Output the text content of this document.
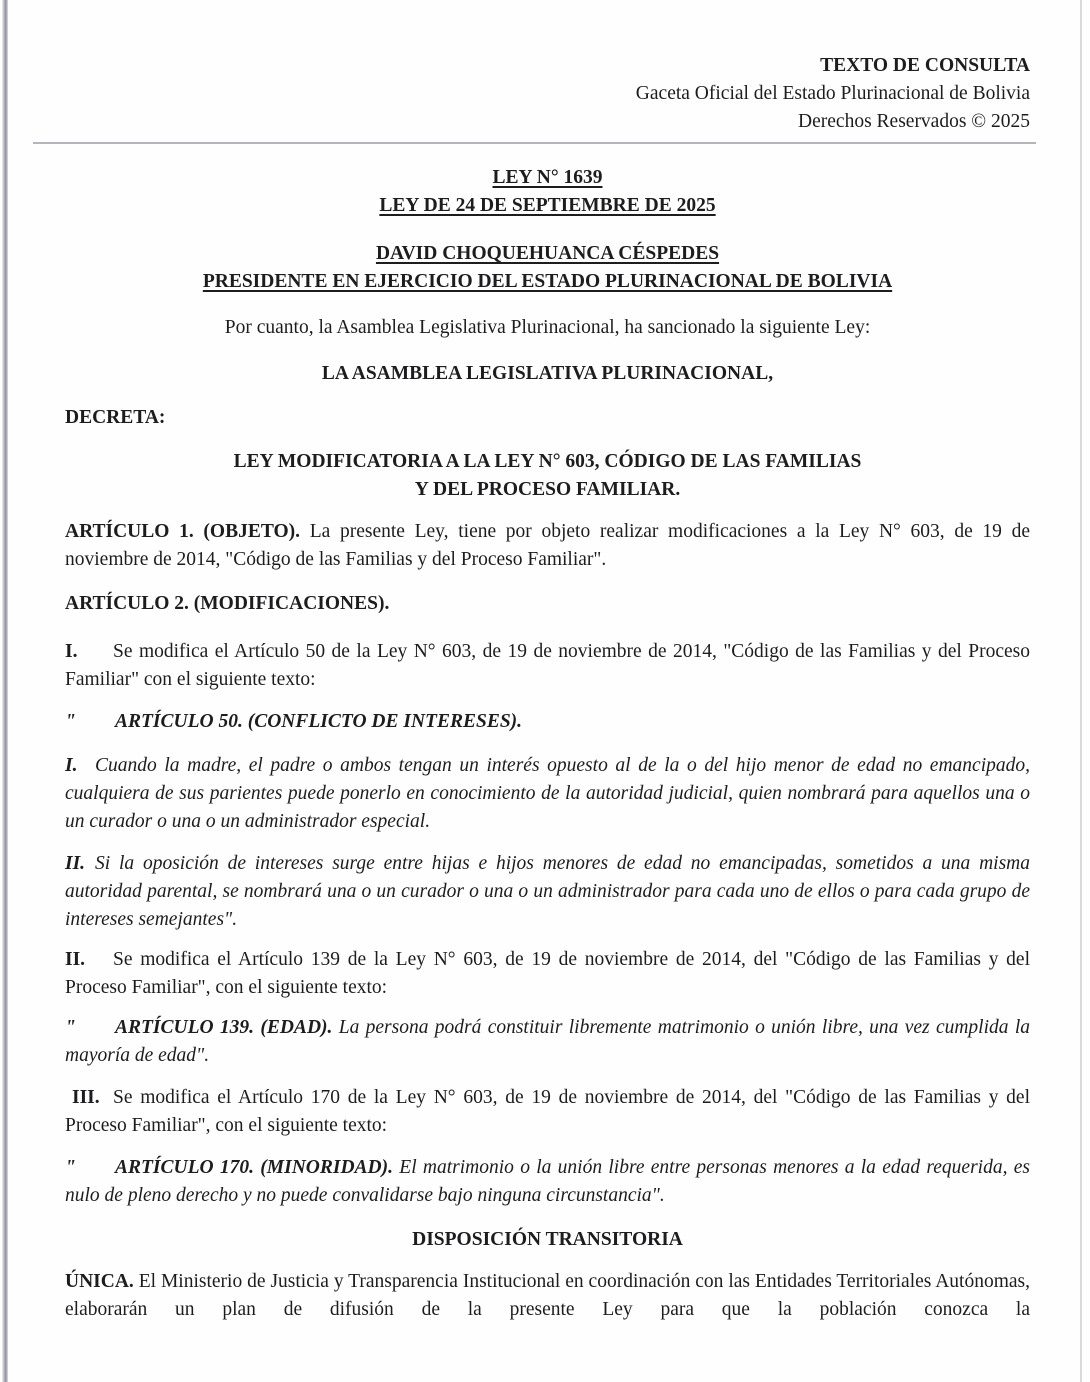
TEXTO DE CONSULTA
Gaceta Oficial del Estado Plurinacional de Bolivia
Derechos Reservados © 2025
LEY N° 1639
LEY DE 24 DE SEPTIEMBRE DE 2025
DAVID CHOQUEHUANCA CÉSPEDES
PRESIDENTE EN EJERCICIO DEL ESTADO PLURINACIONAL DE BOLIVIA

Por cuanto, la Asamblea Legislativa Plurinacional, ha sancionado la siguiente Ley:

LA ASAMBLEA LEGISLATIVA PLURINACIONAL,

DECRETA:

LEY MODIFICATORIA A LA LEY N° 603, CÓDIGO DE LAS FAMILIAS
Y DEL PROCESO FAMILIAR.

ARTÍCULO 1. (OBJETO). La presente Ley, tiene por objeto realizar modificaciones a la Ley N° 603, de 19 de noviembre de 2014, "Código de las Familias y del Proceso Familiar".

ARTÍCULO 2. (MODIFICACIONES).

I. Se modifica el Artículo 50 de la Ley N° 603, de 19 de noviembre de 2014, "Código de las Familias y del Proceso Familiar" con el siguiente texto:

" ARTÍCULO 50. (CONFLICTO DE INTERESES).

I. Cuando la madre, el padre o ambos tengan un interés opuesto al de la o del hijo menor de edad no emancipado, cualquiera de sus parientes puede ponerlo en conocimiento de la autoridad judicial, quien nombrará para aquellos una o un curador o una o un administrador especial.

II. Si la oposición de intereses surge entre hijas e hijos menores de edad no emancipadas, sometidos a una misma autoridad parental, se nombrará una o un curador o una o un administrador para cada uno de ellos o para cada grupo de intereses semejantes".

II. Se modifica el Artículo 139 de la Ley N° 603, de 19 de noviembre de 2014, del "Código de las Familias y del Proceso Familiar", con el siguiente texto:

" ARTÍCULO 139. (EDAD). La persona podrá constituir libremente matrimonio o unión libre, una vez cumplida la mayoría de edad".

III. Se modifica el Artículo 170 de la Ley N° 603, de 19 de noviembre de 2014, del "Código de las Familias y del Proceso Familiar", con el siguiente texto:

" ARTÍCULO 170. (MINORIDAD). El matrimonio o la unión libre entre personas menores a la edad requerida, es nulo de pleno derecho y no puede convalidarse bajo ninguna circunstancia".

DISPOSICIÓN TRANSITORIA

ÚNICA. El Ministerio de Justicia y Transparencia Institucional en coordinación con las Entidades Territoriales Autónomas, elaborarán un plan de difusión de la presente Ley para que la población conozca la
